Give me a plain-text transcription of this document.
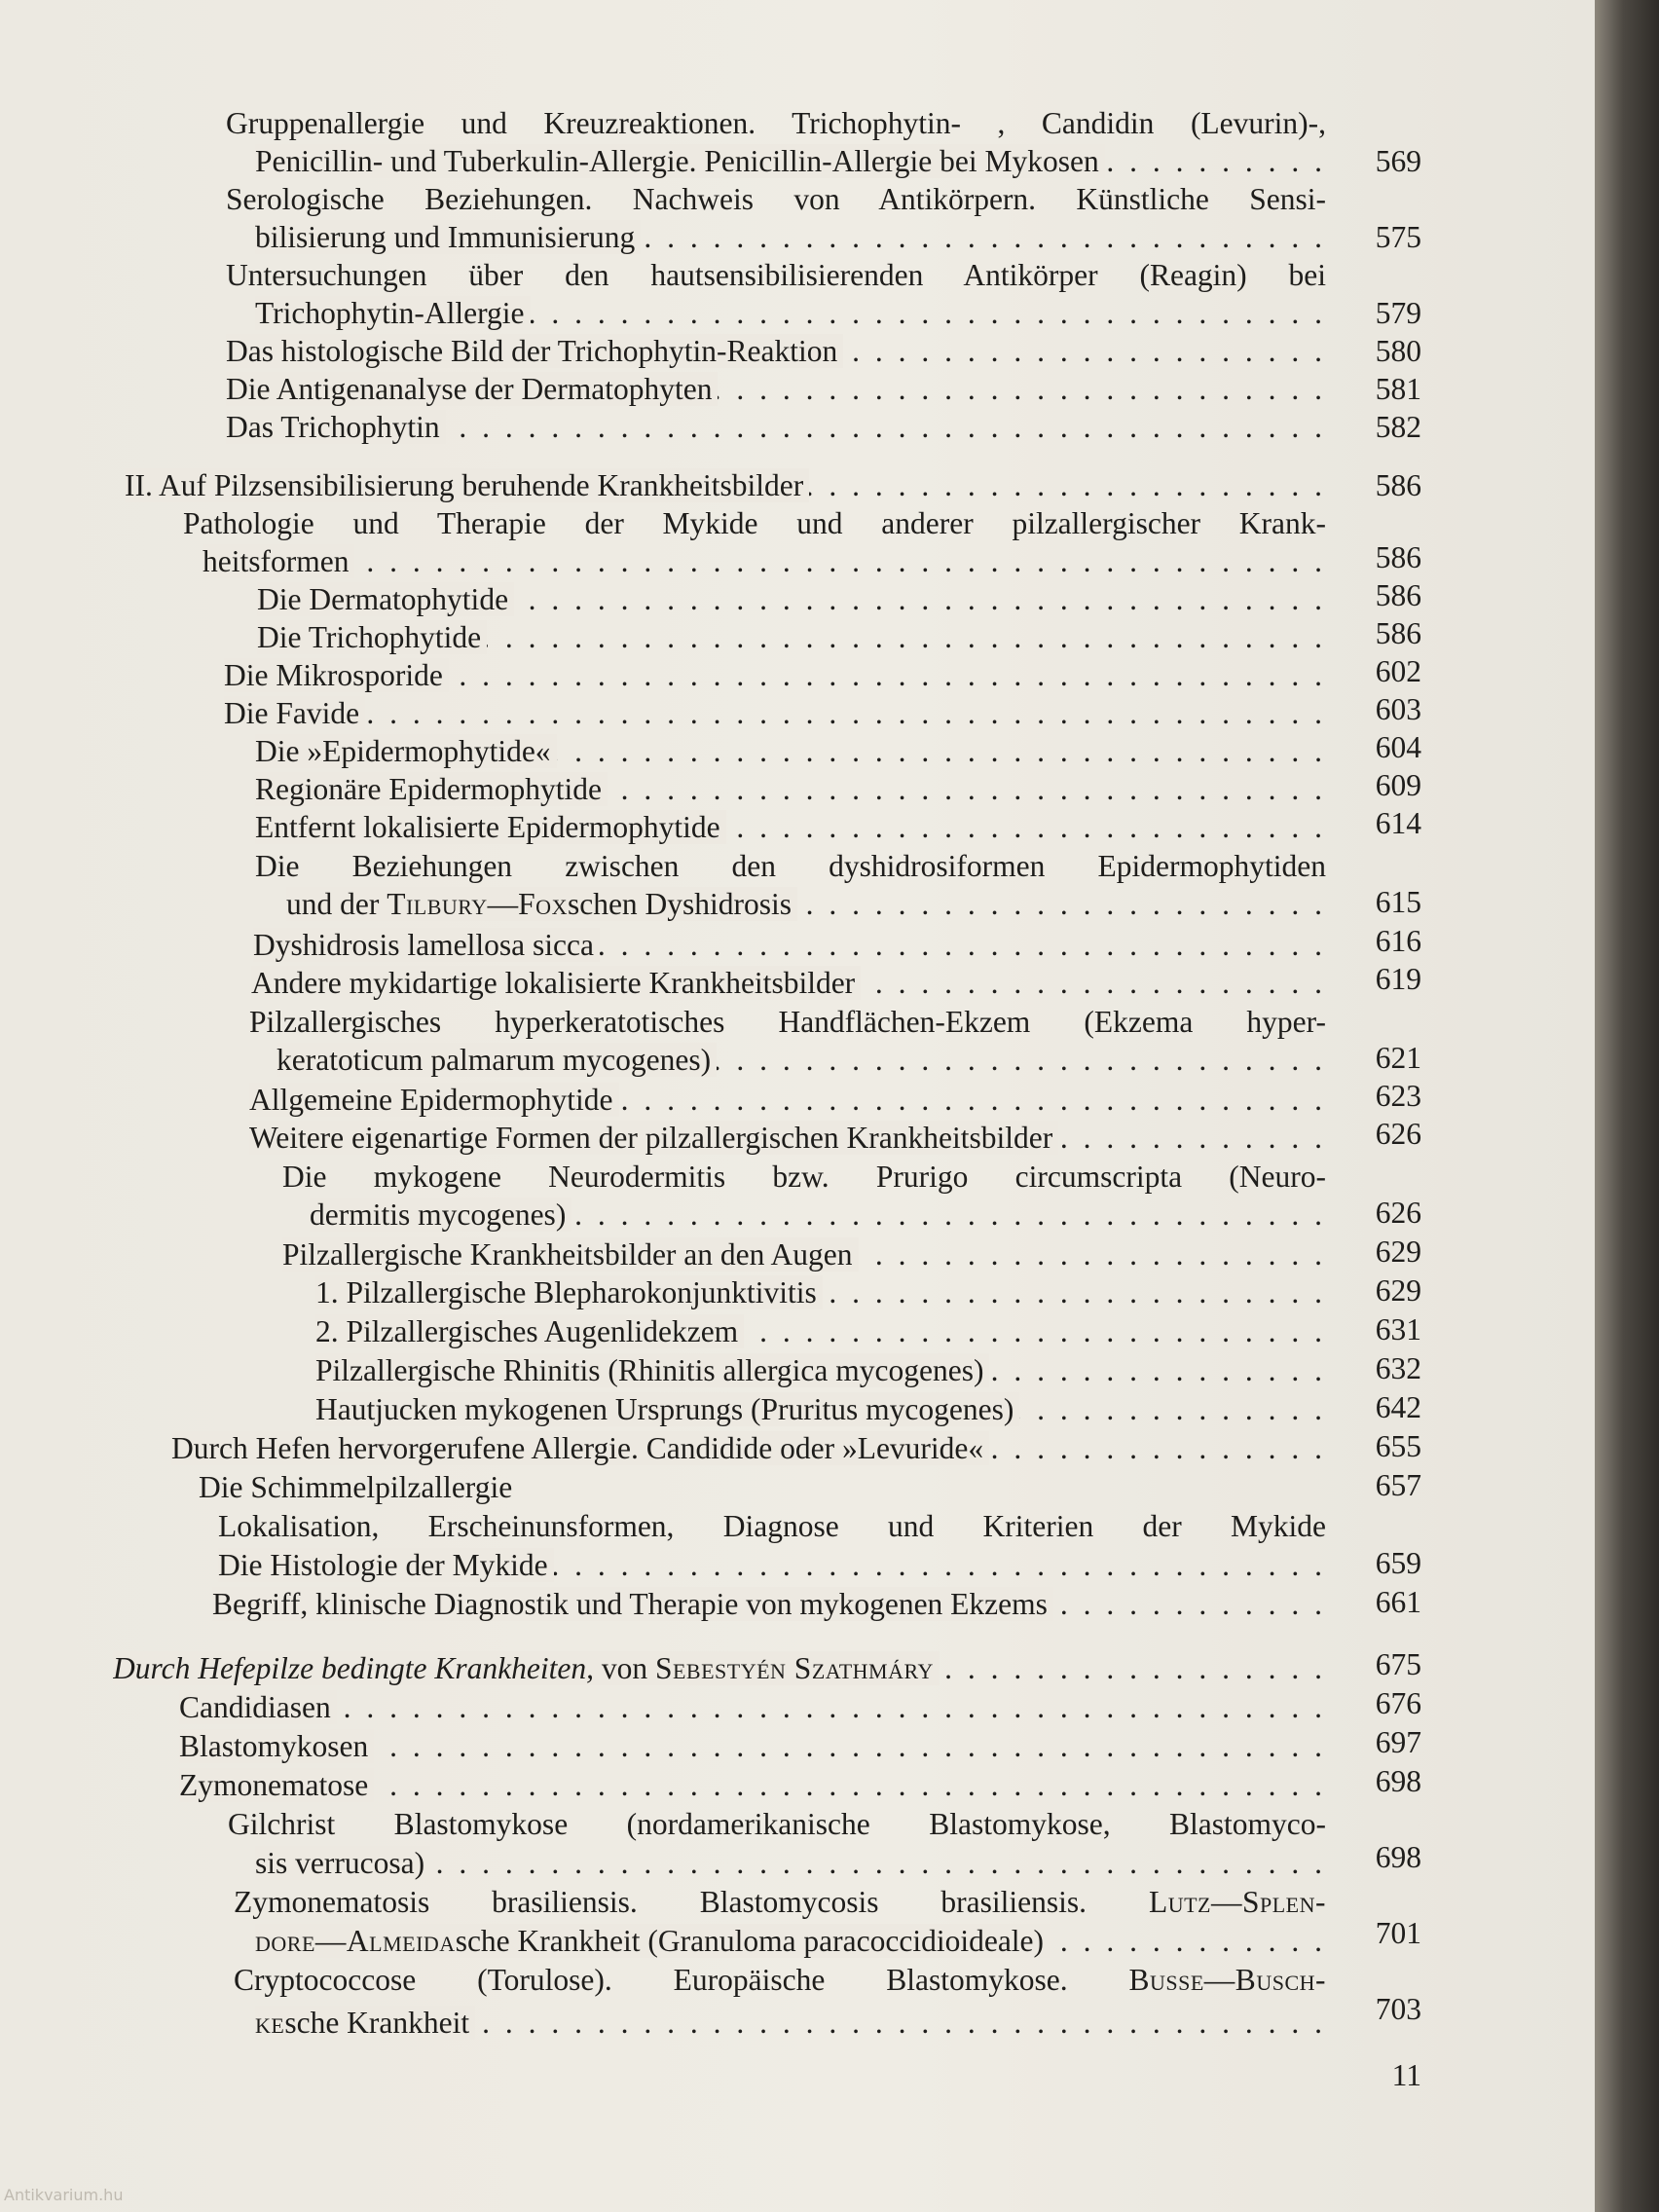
Gruppenallergie und Kreuzreaktionen. Trichophytin- , Candidin (Levurin)-,
. . . Penicillin- und Tuberkulin-Allergie. Penicillin-Allergie bei Mykosen	569
Serologische Beziehungen. Nachweis von Antikörpern. Künstliche Sensi-
. . . bilisierung und Immunisierung	575
Untersuchungen über den hautsensibilisierenden Antikörper (Reagin) bei
. . . Trichophytin-Allergie	579
. . . Das histologische Bild der Trichophytin-Reaktion	580
. . . Die Antigenanalyse der Dermatophyten	581
. . . Das Trichophytin	582
. . . II. Auf Pilzsensibilisierung beruhende Krankheitsbilder	586
Pathologie und Therapie der Mykide und anderer pilzallergischer Krank-
. . . heitsformen	586
. . . Die Dermatophytide	586
. . . Die Trichophytide	586
. . . Die Mikrosporide	602
. . . Die Favide	603
. . . Die »Epidermophytide«	604
. . . Regionäre Epidermophytide	609
. . . Entfernt lokalisierte Epidermophytide	614
Die Beziehungen zwischen den dyshidrosiformen Epidermophytiden
. . . und der Tilbury—Foxschen Dyshidrosis	615
. . . Dyshidrosis lamellosa sicca	616
. . . Andere mykidartige lokalisierte Krankheitsbilder	619
Pilzallergisches hyperkeratotisches Handflächen-Ekzem (Ekzema hyper-
. . . keratoticum palmarum mycogenes)	621
. . . Allgemeine Epidermophytide	623
. . . Weitere eigenartige Formen der pilzallergischen Krankheitsbilder	626
Die mykogene Neurodermitis bzw. Prurigo circumscripta (Neuro-
. . . dermitis mycogenes)	626
. . . Pilzallergische Krankheitsbilder an den Augen	629
. . . 1. Pilzallergische Blepharokonjunktivitis	629
. . . 2. Pilzallergisches Augenlidekzem	631
. . . Pilzallergische Rhinitis (Rhinitis allergica mycogenes)	632
. . . Hautjucken mykogenen Ursprungs (Pruritus mycogenes)	642
. . . Durch Hefen hervorgerufene Allergie. Candidide oder »Levuride«	655
Die Schimmelpilzallergie	657
Lokalisation, Erscheinunsformen, Diagnose und Kriterien der Mykide
. . . Die Histologie der Mykide	659
. . . Begriff, klinische Diagnostik und Therapie von mykogenen Ekzems	661
. . . Durch Hefepilze bedingte Krankheiten, von Sebestyén Szathmáry	675
. . . Candidiasen	676
. . . Blastomykosen	697
. . . Zymonematose	698
Gilchrist Blastomykose (nordamerikanische Blastomykose, Blastomyco-
. . . sis verrucosa)	698
Zymonematosis brasiliensis. Blastomycosis brasiliensis. Lutz—Splen-
. . . dore—Almeidasche Krankheit (Granuloma paracoccidioideale)	701
Cryptococcose (Torulose). Europäische Blastomykose. Busse—Busch-
. . . kesche Krankheit	703
11
Antikvarium.hu
